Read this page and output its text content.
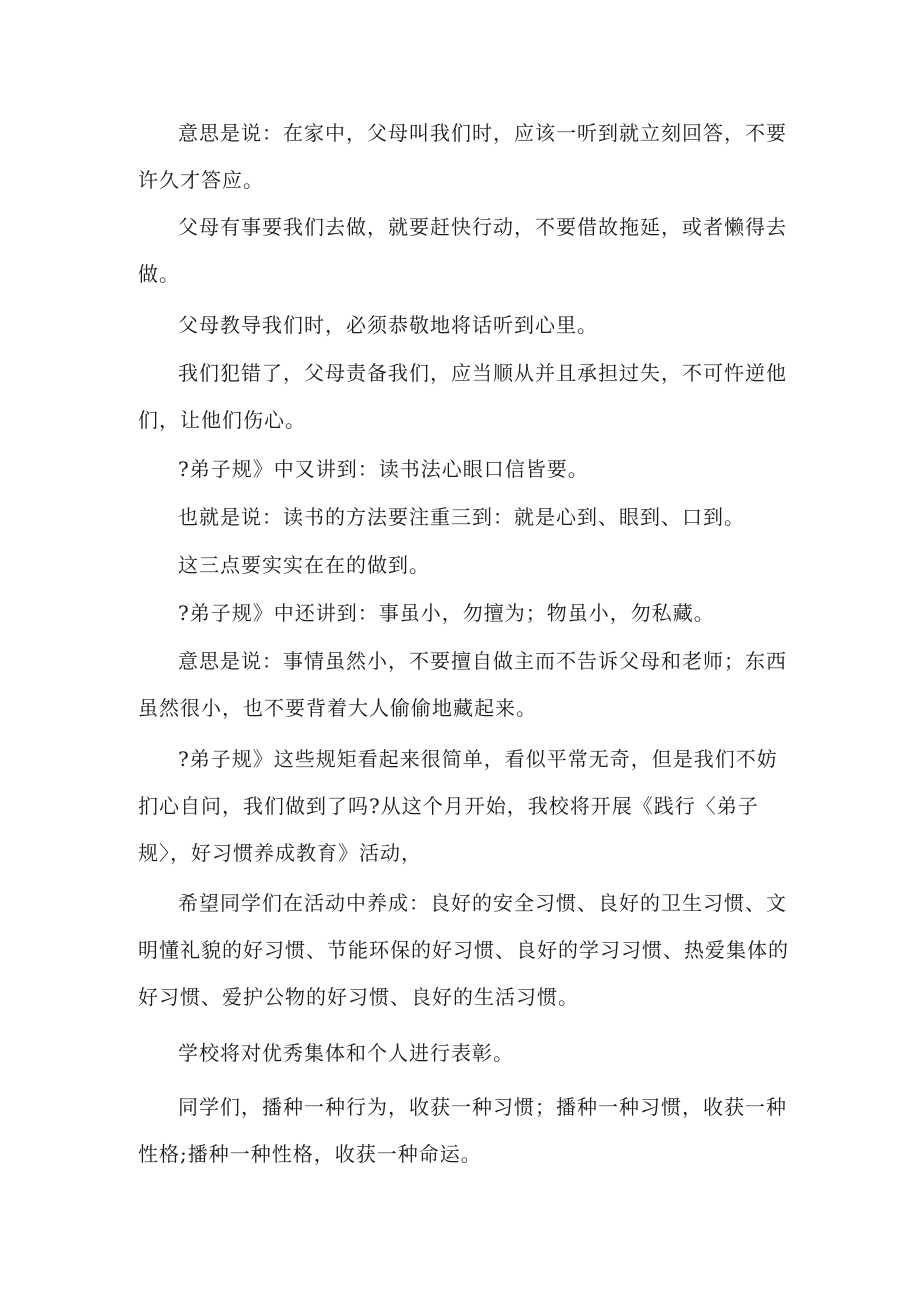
意思是说：在家中，父母叫我们时，应该一听到就立刻回答，不要许久才答应。

父母有事要我们去做，就要赶快行动，不要借故拖延，或者懒得去做。

父母教导我们时，必须恭敬地将话听到心里。

我们犯错了，父母责备我们，应当顺从并且承担过失，不可忤逆他们，让他们伤心。

?弟子规》中又讲到：读书法心眼口信皆要。

也就是说：读书的方法要注重三到：就是心到、眼到、口到。

这三点要实实在在的做到。

?弟子规》中还讲到：事虽小，勿擅为；物虽小，勿私藏。

意思是说：事情虽然小，不要擅自做主而不告诉父母和老师；东西虽然很小，也不要背着大人偷偷地藏起来。

?弟子规》这些规矩看起来很简单，看似平常无奇，但是我们不妨扪心自问，我们做到了吗?从这个月开始，我校将开展《践行〈弟子规〉，好习惯养成教育》活动，

希望同学们在活动中养成：良好的安全习惯、良好的卫生习惯、文明懂礼貌的好习惯、节能环保的好习惯、良好的学习习惯、热爱集体的好习惯、爱护公物的好习惯、良好的生活习惯。

学校将对优秀集体和个人进行表彰。

同学们，播种一种行为，收获一种习惯；播种一种习惯，收获一种性格;播种一种性格，收获一种命运。
